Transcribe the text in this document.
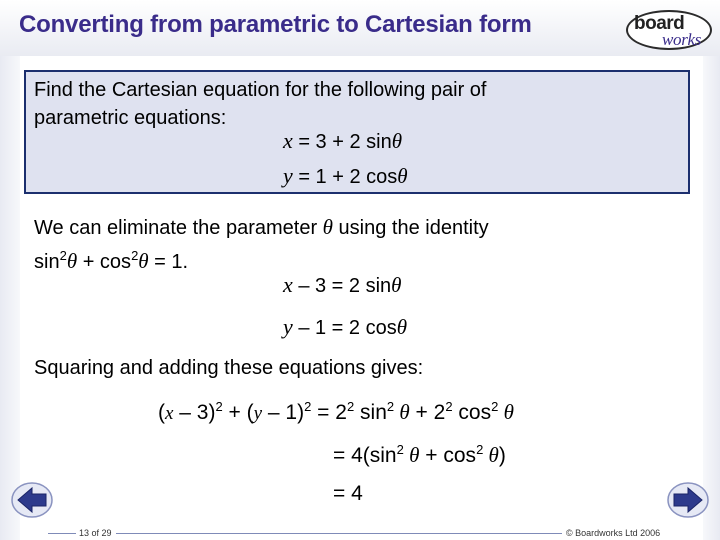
Converting from parametric to Cartesian form	board
works
Find the Cartesian equation for the following pair of
parametric equations:
x = 3 + 2 sinθ
y = 1 + 2 cosθ
We can eliminate the parameter θ using the identity
$\sin^2\theta + \cos^2\theta = 1$.
x – 3 = 2 sinθ
y – 1 = 2 cosθ
Squaring and adding these equations gives:
$(x - 3)^2 + (y - 1)^2 = 2^2$ $\sin^2 \theta + 2^2$ $\cos^2 \theta$
= $4(\sin^2$ $\theta + \cos^2 \theta$)
= 4
13 of 29	© Boardworks Ltd 2006
